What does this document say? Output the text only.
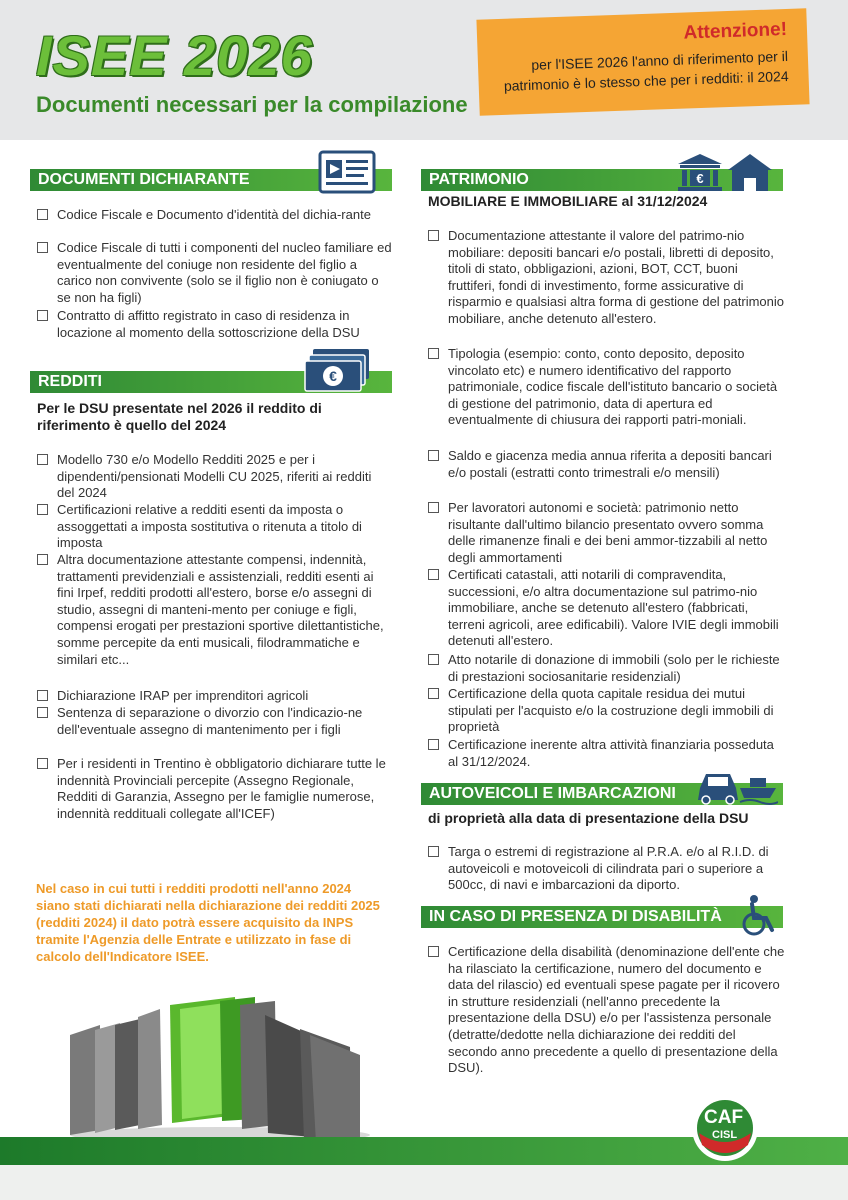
ISEE 2026
Documenti necessari per la compilazione
Attenzione!
per l'ISEE 2026 l'anno di riferimento per il patrimonio è lo stesso che per i redditi: il 2024
DOCUMENTI DICHIARANTE
Codice Fiscale e Documento d'identità del dichia-rante
Codice Fiscale di tutti i componenti del nucleo familiare ed eventualmente del coniuge non residente del figlio a carico non convivente (solo se il figlio non è coniugato o se non ha figli)
Contratto di affitto registrato in caso di residenza in locazione al momento della sottoscrizione della DSU
REDDITI	€
Per le DSU presentate nel 2026 il reddito di riferimento è quello del 2024
Modello 730 e/o Modello Redditi 2025 e per i dipendenti/pensionati Modelli CU 2025, riferiti ai redditi del 2024
Certificazioni relative a redditi esenti da imposta o assoggettati a imposta sostitutiva o ritenuta a titolo di imposta
Altra documentazione attestante compensi, indennità, trattamenti previdenziali e assistenziali, redditi esenti ai fini Irpef, redditi prodotti all'estero, borse e/o assegni di studio, assegni di manteni-mento per coniuge e figli, compensi erogati per prestazioni sportive dilettantistiche, somme percepite da enti musicali, filodrammatiche e similari etc...
Dichiarazione IRAP per imprenditori agricoli
Sentenza di separazione o divorzio con l'indicazio-ne dell'eventuale assegno di mantenimento per i figli
Per i residenti in Trentino è obbligatorio dichiarare tutte le indennità Provinciali percepite (Assegno Regionale, Redditi di Garanzia, Assegno per le famiglie numerose, indennità reddituali collegate all'ICEF)
Nel caso in cui tutti i redditi prodotti nell'anno 2024 siano stati dichiarati nella dichiarazione dei redditi 2025 (redditi 2024) il dato potrà essere acquisito da INPS tramite l'Agenzia delle Entrate e utilizzato in fase di calcolo dell'Indicatore ISEE.
PATRIMONIO	€
MOBILIARE E IMMOBILIARE al 31/12/2024
Documentazione attestante il valore del patrimo-nio mobiliare: depositi bancari e/o postali, libretti di deposito, titoli di stato, obbligazioni, azioni, BOT, CCT, buoni fruttiferi, fondi di investimento, forme assicurative di risparmio e qualsiasi altra forma di gestione del patrimonio mobiliare, anche detenuto all'estero.
Tipologia (esempio: conto, conto deposito, deposito vincolato etc) e numero identificativo del rapporto patrimoniale, codice fiscale dell'istituto bancario o società di gestione del patrimonio, data di apertura ed eventualmente di chiusura dei rapporti patri-moniali.
Saldo e giacenza media annua riferita a depositi bancari e/o postali (estratti conto trimestrali e/o mensili)
Per lavoratori autonomi e società: patrimonio netto risultante dall'ultimo bilancio presentato ovvero somma delle rimanenze finali e dei beni ammor-tizzabili al netto degli ammortamenti
Certificati catastali, atti notarili di compravendita, successioni, e/o altra documentazione sul patrimo-nio immobiliare, anche se detenuto all'estero (fabbricati, terreni agricoli, aree edificabili). Valore IVIE degli immobili detenuti all'estero.
Atto notarile di donazione di immobili (solo per le richieste di prestazioni sociosanitarie residenziali)
Certificazione della quota capitale residua dei mutui stipulati per l'acquisto e/o la costruzione degli immobili di proprietà
Certificazione inerente altra attività finanziaria posseduta al 31/12/2024.
AUTOVEICOLI E IMBARCAZIONI
di proprietà alla data di presentazione della DSU
Targa o estremi di registrazione al P.R.A. e/o al R.I.D. di autoveicoli e motoveicoli di cilindrata pari o superiore a 500cc, di navi e imbarcazioni da diporto.
IN CASO DI PRESENZA DI DISABILITÀ
Certificazione della disabilità (denominazione dell'ente che ha rilasciato la certificazione, numero del documento e data del rilascio) ed eventuali spese pagate per il ricovero in strutture residenziali (nell'anno precedente la presentazione della DSU) e/o per l'assistenza personale (detratte/dedotte nella dichiarazione dei redditi del secondo anno precedente a quello di presentazione della DSU).
CAF
CISL
